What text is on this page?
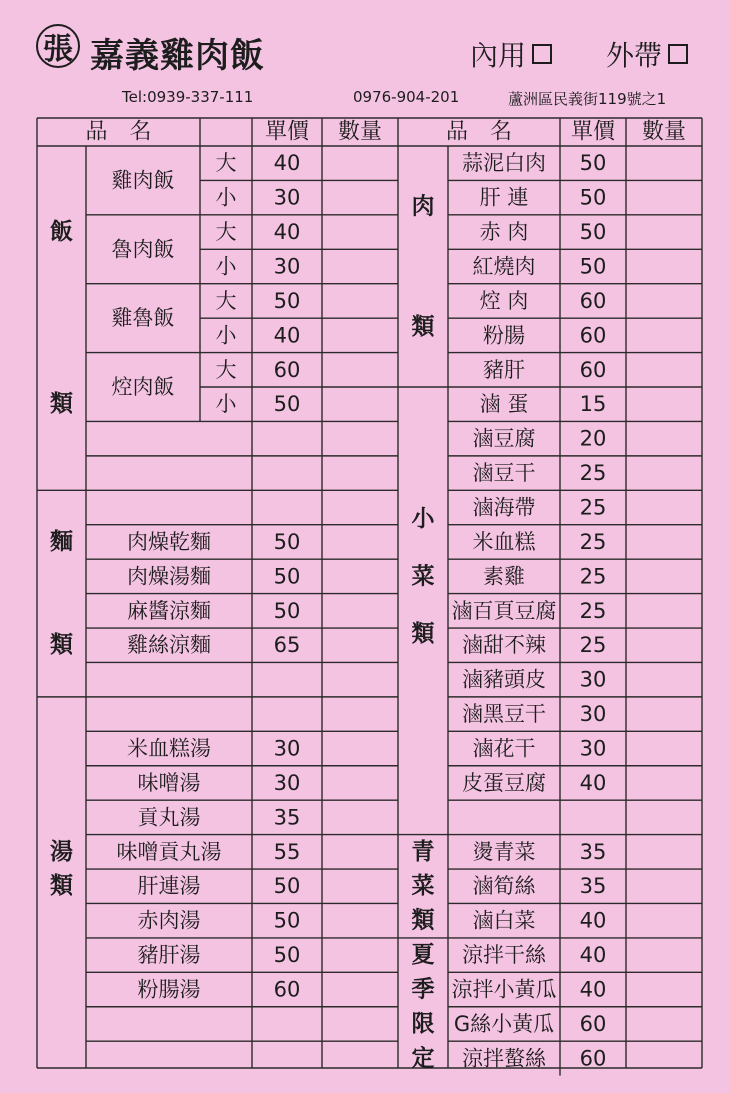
張 嘉義雞肉飯	內用	外帶
Tel:0939-337-111	0976-904-201	蘆洲區民義街119號之1
品　名	單價 數量	品　名	單價 數量
雞肉飯
大 40
小 30
魯肉飯
大 40
小 30
雞魯飯
大 50
小 40
焢肉飯
大 60
小 50
飯
類
肉燥乾麵	50
肉燥湯麵	50
麻醬涼麵	50
雞絲涼麵	65
麵
類
米血糕湯	30
味噌湯	30
貢丸湯	35
味噌貢丸湯 55
肝連湯	50
赤肉湯	50
豬肝湯	50
粉腸湯	60
湯
類
蒜泥白肉 50
肝 連 50
赤 肉 50
紅燒肉 50
焢 肉 60
粉腸	60
豬肝	60
肉
類
滷 蛋 15
滷豆腐 20
滷豆干 25
滷海帶 25
米血糕 25
素雞	25
滷百頁豆腐 25
滷甜不辣 25
滷豬頭皮 30
滷黑豆干 30
滷花干 30
皮蛋豆腐 40
小
菜
類
燙青菜 35
滷筍絲 35
滷白菜 40
青
菜
類
涼拌干絲 40
涼拌小黃瓜 40
G絲小黃瓜 60
涼拌螯絲 60
夏
季
限
定
